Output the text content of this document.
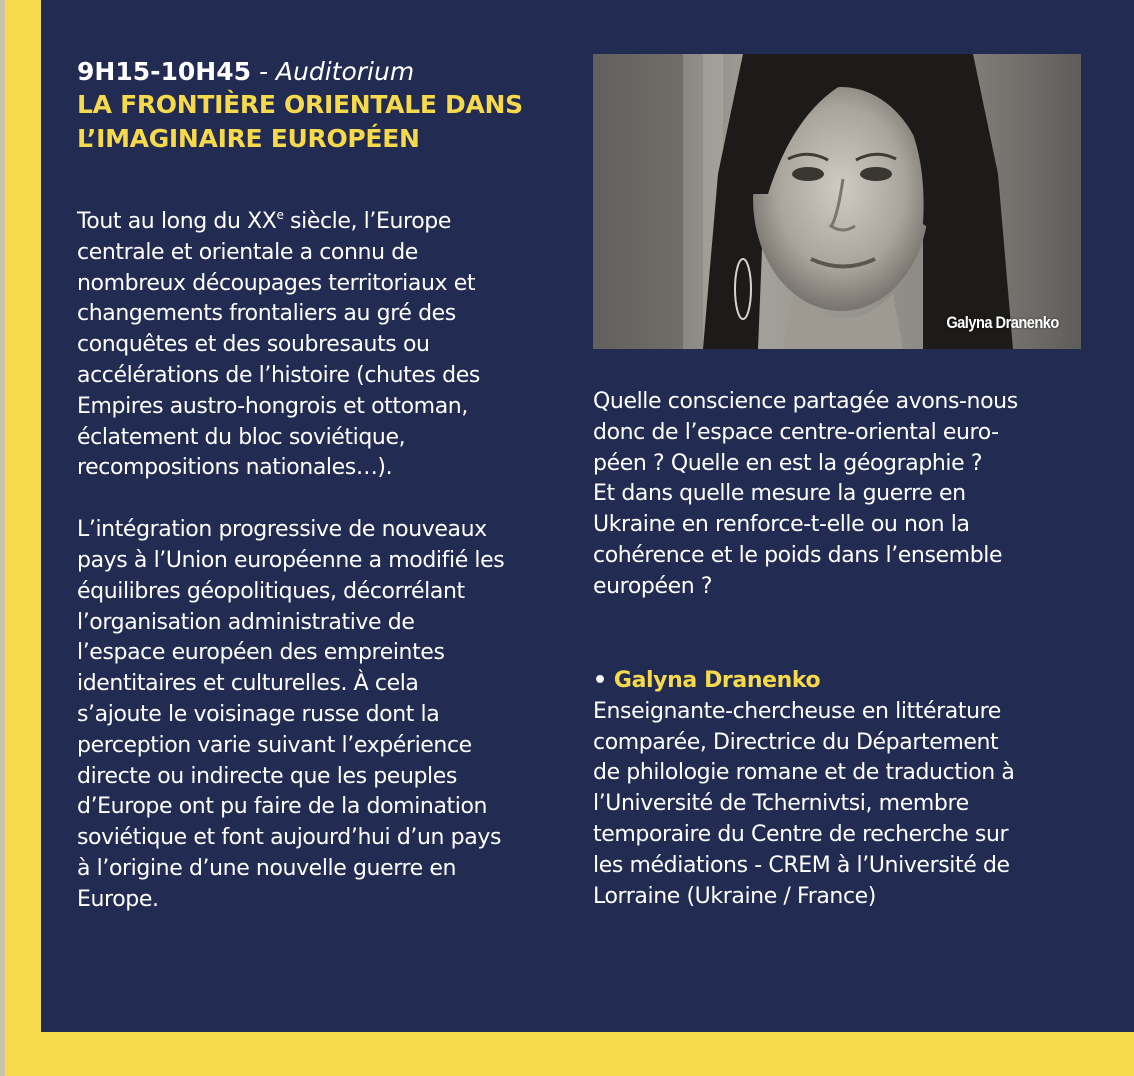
9H15-10H45 - Auditorium
LA FRONTIÈRE ORIENTALE DANS
L’IMAGINAIRE EUROPÉEN
Tout au long du XXe siècle, l’Europe
centrale et orientale a connu de
nombreux découpages territoriaux et
changements frontaliers au gré des
conquêtes et des soubresauts ou
accélérations de l’histoire (chutes des
Empires austro-hongrois et ottoman,
éclatement du bloc soviétique,
recompositions nationales…).
L’intégration progressive de nouveaux
pays à l’Union européenne a modifié les
équilibres géopolitiques, décorrélant
l’organisation administrative de
l’espace européen des empreintes
identitaires et culturelles. À cela
s’ajoute le voisinage russe dont la
perception varie suivant l’expérience
directe ou indirecte que les peuples
d’Europe ont pu faire de la domination
soviétique et font aujourd’hui d’un pays
à l’origine d’une nouvelle guerre en
Europe.
Galyna Dranenko
Quelle conscience partagée avons-nous
donc de l’espace centre-oriental euro-
péen ? Quelle en est la géographie ?
Et dans quelle mesure la guerre en
Ukraine en renforce-t-elle ou non la
cohérence et le poids dans l’ensemble
européen ?
• Galyna Dranenko
Enseignante-chercheuse en littérature
comparée, Directrice du Département
de philologie romane et de traduction à
l’Université de Tchernivtsi, membre
temporaire du Centre de recherche sur
les médiations - CREM à l’Université de
Lorraine (Ukraine / France)
